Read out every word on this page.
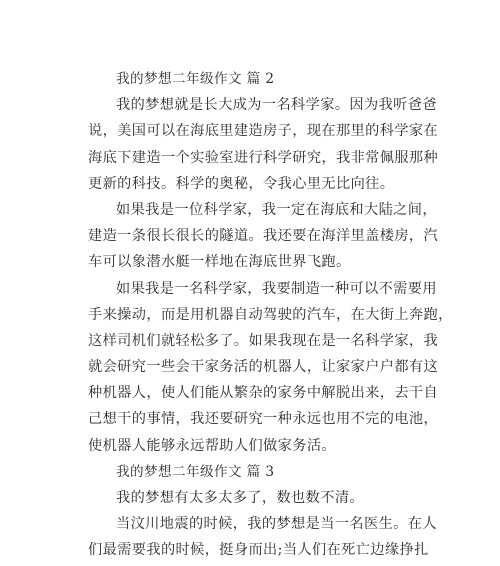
我的梦想二年级作文 篇 2
我的梦想就是长大成为一名科学家。因为我听爸爸
说，美国可以在海底里建造房子，现在那里的科学家在
海底下建造一个实验室进行科学研究，我非常佩服那种
更新的科技。科学的奥秘，令我心里无比向往。
如果我是一位科学家，我一定在海底和大陆之间，
建造一条很长很长的隧道。我还要在海洋里盖楼房，汽
车可以象潜水艇一样地在海底世界飞跑。
如果我是一名科学家，我要制造一种可以不需要用
手来操动，而是用机器自动驾驶的汽车，在大街上奔跑，
这样司机们就轻松多了。如果我现在是一名科学家，我
就会研究一些会干家务活的机器人，让家家户户都有这
种机器人，使人们能从繁杂的家务中解脱出来，去干自
己想干的事情，我还要研究一种永远也用不完的电池，
使机器人能够永远帮助人们做家务活。
我的梦想二年级作文 篇 3
我的梦想有太多太多了，数也数不清。
当汶川地震的时候，我的梦想是当一名医生。在人
们最需要我的时候，挺身而出;当人们在死亡边缘挣扎
